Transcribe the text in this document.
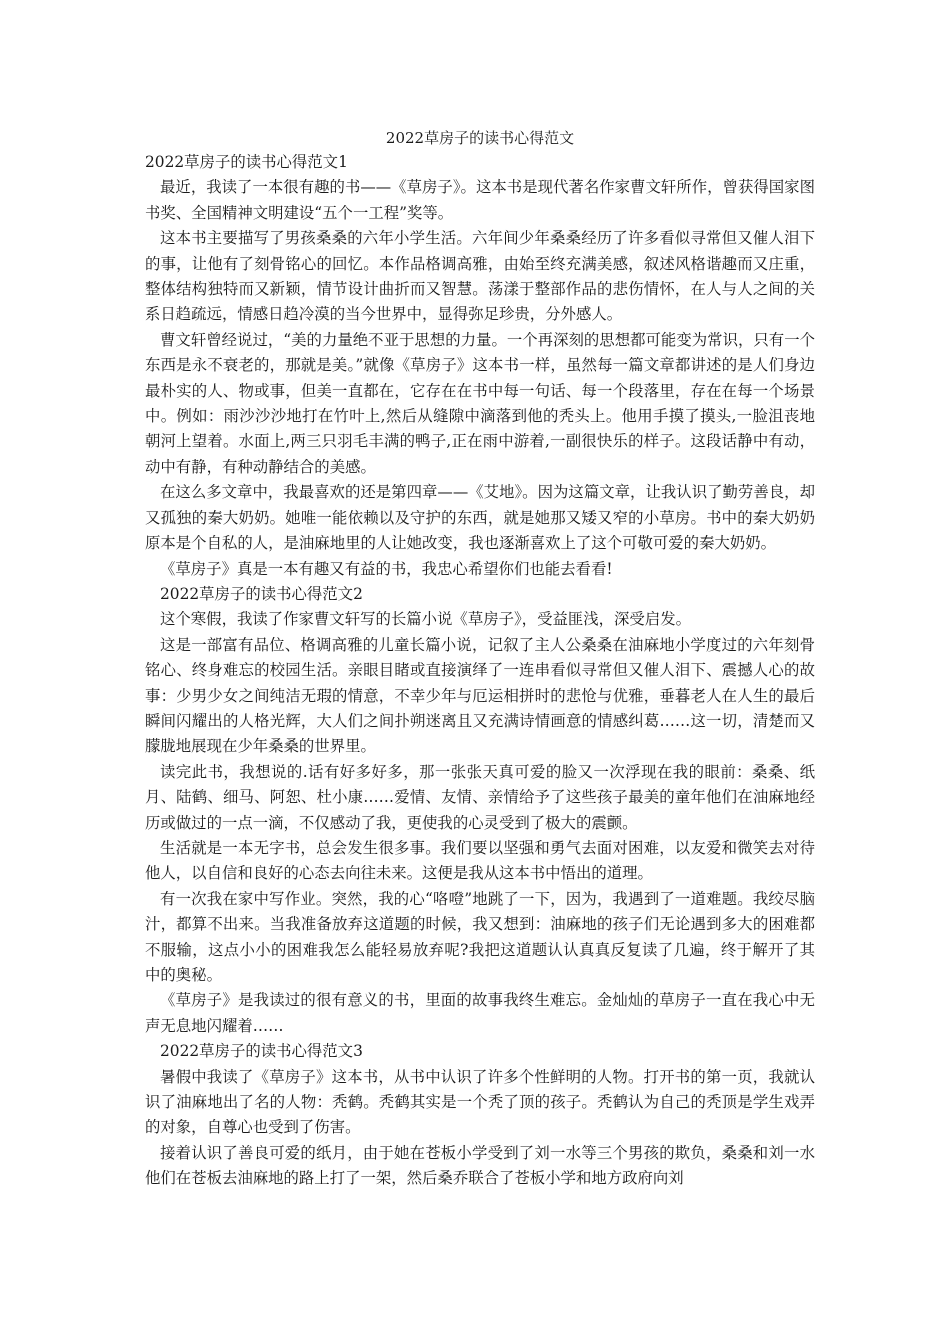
2022草房子的读书心得范文
2022草房子的读书心得范文1

最近，我读了一本很有趣的书——《草房子》。这本书是现代著名作家曹文轩所作，曾获得国家图书奖、全国精神文明建设“五个一工程”奖等。

这本书主要描写了男孩桑桑的六年小学生活。六年间少年桑桑经历了许多看似寻常但又催人泪下的事，让他有了刻骨铭心的回忆。本作品格调高雅，由始至终充满美感，叙述风格谐趣而又庄重，整体结构独特而又新颖，情节设计曲折而又智慧。荡漾于整部作品的悲伤情怀，在人与人之间的关系日趋疏远，情感日趋冷漠的当今世界中，显得弥足珍贵，分外感人。

曹文轩曾经说过，“美的力量绝不亚于思想的力量。一个再深刻的思想都可能变为常识，只有一个东西是永不衰老的，那就是美。”就像《草房子》这本书一样，虽然每一篇文章都讲述的是人们身边最朴实的人、物或事，但美一直都在，它存在在书中每一句话、每一个段落里，存在在每一个场景中。例如：雨沙沙沙地打在竹叶上,然后从缝隙中滴落到他的秃头上。他用手摸了摸头,一脸沮丧地朝河上望着。水面上,两三只羽毛丰满的鸭子,正在雨中游着,一副很快乐的样子。这段话静中有动，动中有静，有种动静结合的美感。

在这么多文章中，我最喜欢的还是第四章——《艾地》。因为这篇文章，让我认识了勤劳善良，却又孤独的秦大奶奶。她唯一能依赖以及守护的东西，就是她那又矮又窄的小草房。书中的秦大奶奶原本是个自私的人，是油麻地里的人让她改变，我也逐渐喜欢上了这个可敬可爱的秦大奶奶。

《草房子》真是一本有趣又有益的书，我忠心希望你们也能去看看!

2022草房子的读书心得范文2

这个寒假，我读了作家曹文轩写的长篇小说《草房子》，受益匪浅，深受启发。

这是一部富有品位、格调高雅的儿童长篇小说，记叙了主人公桑桑在油麻地小学度过的六年刻骨铭心、终身难忘的校园生活。亲眼目睹或直接演绎了一连串看似寻常但又催人泪下、震撼人心的故事：少男少女之间纯洁无瑕的情意，不幸少年与厄运相拼时的悲怆与优雅，垂暮老人在人生的最后瞬间闪耀出的人格光辉，大人们之间扑朔迷离且又充满诗情画意的情感纠葛……这一切，清楚而又朦胧地展现在少年桑桑的世界里。

读完此书，我想说的.话有好多好多，那一张张天真可爱的脸又一次浮现在我的眼前：桑桑、纸月、陆鹤、细马、阿恕、杜小康……爱情、友情、亲情给予了这些孩子最美的童年他们在油麻地经历或做过的一点一滴，不仅感动了我，更使我的心灵受到了极大的震颤。

生活就是一本无字书，总会发生很多事。我们要以坚强和勇气去面对困难，以友爱和微笑去对待他人，以自信和良好的心态去向往未来。这便是我从这本书中悟出的道理。

有一次我在家中写作业。突然，我的心“咯噔”地跳了一下，因为，我遇到了一道难题。我绞尽脑汁，都算不出来。当我准备放弃这道题的时候，我又想到：油麻地的孩子们无论遇到多大的困难都不服输，这点小小的困难我怎么能轻易放弃呢?我把这道题认认真真反复读了几遍，终于解开了其中的奥秘。

《草房子》是我读过的很有意义的书，里面的故事我终生难忘。金灿灿的草房子一直在我心中无声无息地闪耀着……

2022草房子的读书心得范文3

暑假中我读了《草房子》这本书，从书中认识了许多个性鲜明的人物。打开书的第一页，我就认识了油麻地出了名的人物：秃鹤。秃鹤其实是一个秃了顶的孩子。秃鹤认为自己的秃顶是学生戏弄的对象，自尊心也受到了伤害。

接着认识了善良可爱的纸月，由于她在苍板小学受到了刘一水等三个男孩的欺负，桑桑和刘一水他们在苍板去油麻地的路上打了一架，然后桑乔联合了苍板小学和地方政府向刘
